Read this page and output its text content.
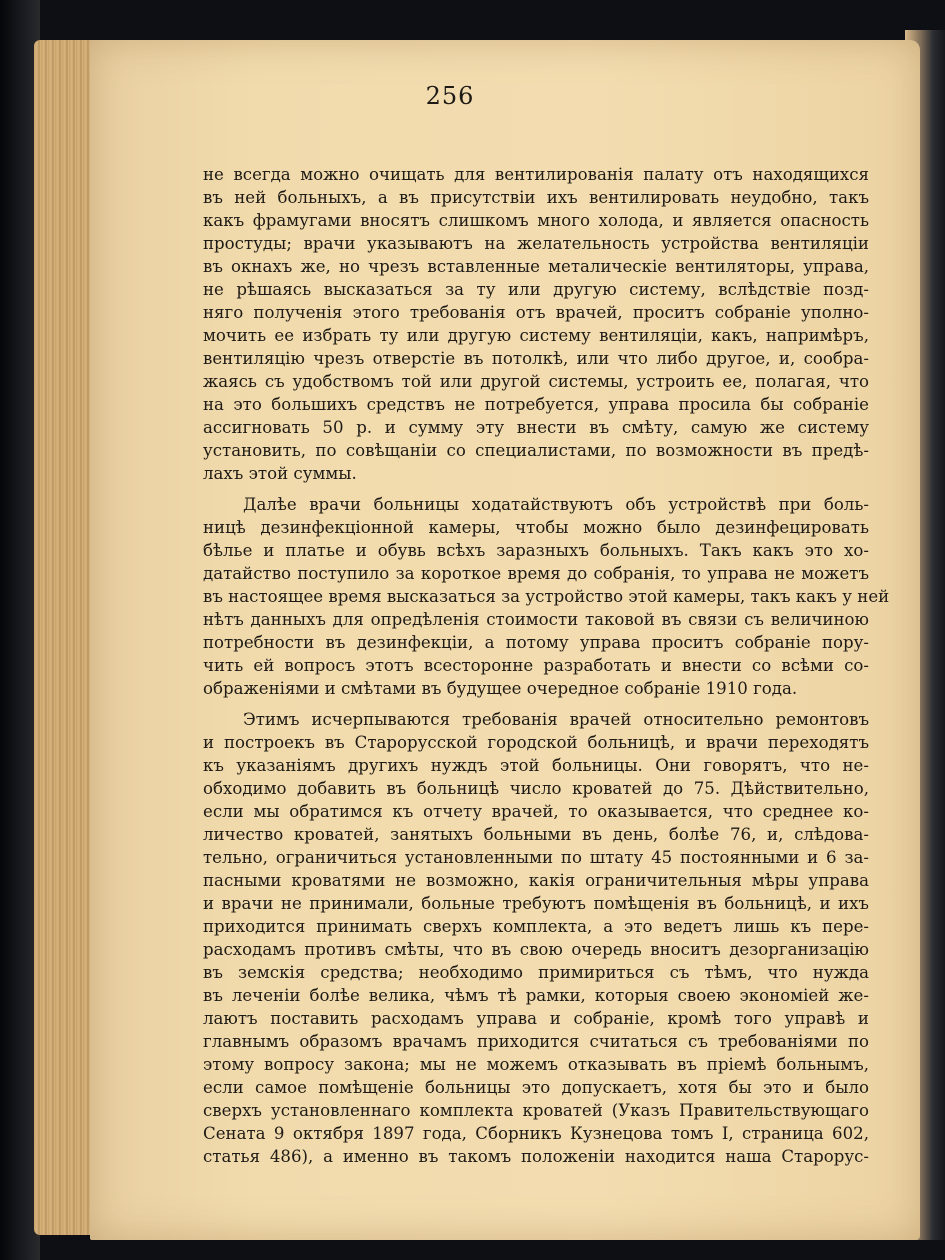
256
не всегда можно очищать для вентилированія палату отъ находящихся
въ ней больныхъ, а въ присутствіи ихъ вентилировать неудобно, такъ
какъ фрамугами вносятъ слишкомъ много холода, и является опасность
простуды; врачи указываютъ на желательность устройства вентиляціи
въ окнахъ же, но чрезъ вставленные металическіе вентиляторы, управа,
не рѣшаясь высказаться за ту или другую систему, вслѣдствіе позд-
няго полученія этого требованія отъ врачей, проситъ собраніе уполно-
мочить ее избрать ту или другую систему вентиляціи, какъ, напримѣръ,
вентиляцію чрезъ отверстіе въ потолкѣ, или что либо другое, и, сообра-
жаясь съ удобствомъ той или другой системы, устроить ее, полагая, что
на это большихъ средствъ не потребуется, управа просила бы собраніе
ассигновать 50 р. и сумму эту внести въ смѣту, самую же систему
установить, по совѣщаніи со специалистами, по возможности въ предѣ-
лахъ этой суммы.
Далѣе врачи больницы ходатайствуютъ объ устройствѣ при боль-
ницѣ дезинфекціонной камеры, чтобы можно было дезинфецировать
бѣлье и платье и обувь всѣхъ заразныхъ больныхъ. Такъ какъ это хо-
датайство поступило за короткое время до собранія, то управа не можетъ
въ настоящее время высказаться за устройство этой камеры, такъ какъ у ней
нѣтъ данныхъ для опредѣленія стоимости таковой въ связи съ величиною
потребности въ дезинфекціи, а потому управа проситъ собраніе пору-
чить ей вопросъ этотъ всесторонне разработать и внести со всѣми со-
ображеніями и смѣтами въ будущее очередное собраніе 1910 года.
Этимъ исчерпываются требованія врачей относительно ремонтовъ
и построекъ въ Старорусской городской больницѣ, и врачи переходятъ
къ указаніямъ другихъ нуждъ этой больницы. Они говорятъ, что не-
обходимо добавить въ больницѣ число кроватей до 75. Дѣйствительно,
если мы обратимся къ отчету врачей, то оказывается, что среднее ко-
личество кроватей, занятыхъ больными въ день, болѣе 76, и, слѣдова-
тельно, ограничиться установленными по штату 45 постоянными и 6 за-
пасными кроватями не возможно, какія ограничительныя мѣры управа
и врачи не принимали, больные требуютъ помѣщенія въ больницѣ, и ихъ
приходится принимать сверхъ комплекта, а это ведетъ лишь къ пере-
расходамъ противъ смѣты, что въ свою очередь вноситъ дезорганизацію
въ земскія средства; необходимо примириться съ тѣмъ, что нужда
въ леченіи болѣе велика, чѣмъ тѣ рамки, которыя своею экономіей же-
лаютъ поставить расходамъ управа и собраніе, кромѣ того управѣ и
главнымъ образомъ врачамъ приходится считаться съ требованіями по
этому вопросу закона; мы не можемъ отказывать въ пріемѣ больнымъ,
если самое помѣщеніе больницы это допускаетъ, хотя бы это и было
сверхъ установленнаго комплекта кроватей (Указъ Правительствующаго
Сената 9 октября 1897 года, Сборникъ Кузнецова томъ I, страница 602,
статья 486), а именно въ такомъ положеніи находится наша Старорус-
